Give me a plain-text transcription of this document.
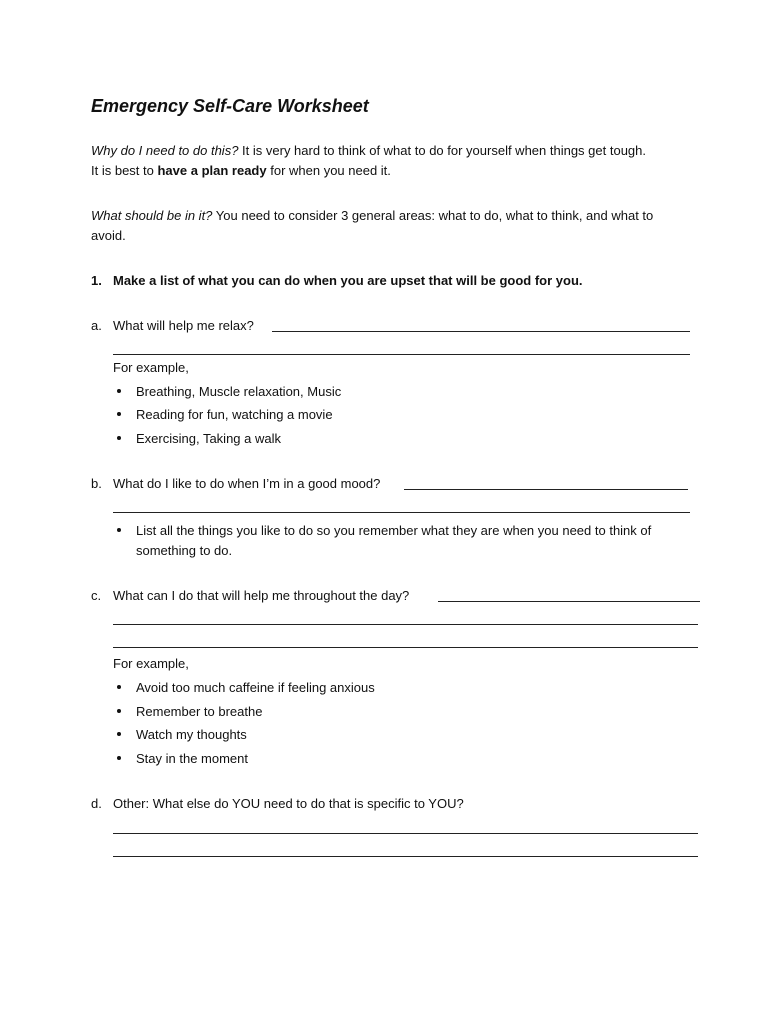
Emergency Self-Care Worksheet
Why do I need to do this? It is very hard to think of what to do for yourself when things get tough.
It is best to have a plan ready for when you need it.
What should be in it? You need to consider 3 general areas: what to do, what to think, and what to
avoid.
1. Make a list of what you can do when you are upset that will be good for you.
a. What will help me relax?
For example,
Breathing, Muscle relaxation, Music
Reading for fun, watching a movie
Exercising, Taking a walk
b. What do I like to do when I’m in a good mood?
List all the things you like to do so you remember what they are when you need to think of
something to do.
c. What can I do that will help me throughout the day?
For example,
Avoid too much caffeine if feeling anxious
Remember to breathe
Watch my thoughts
Stay in the moment
d. Other: What else do YOU need to do that is specific to YOU?
